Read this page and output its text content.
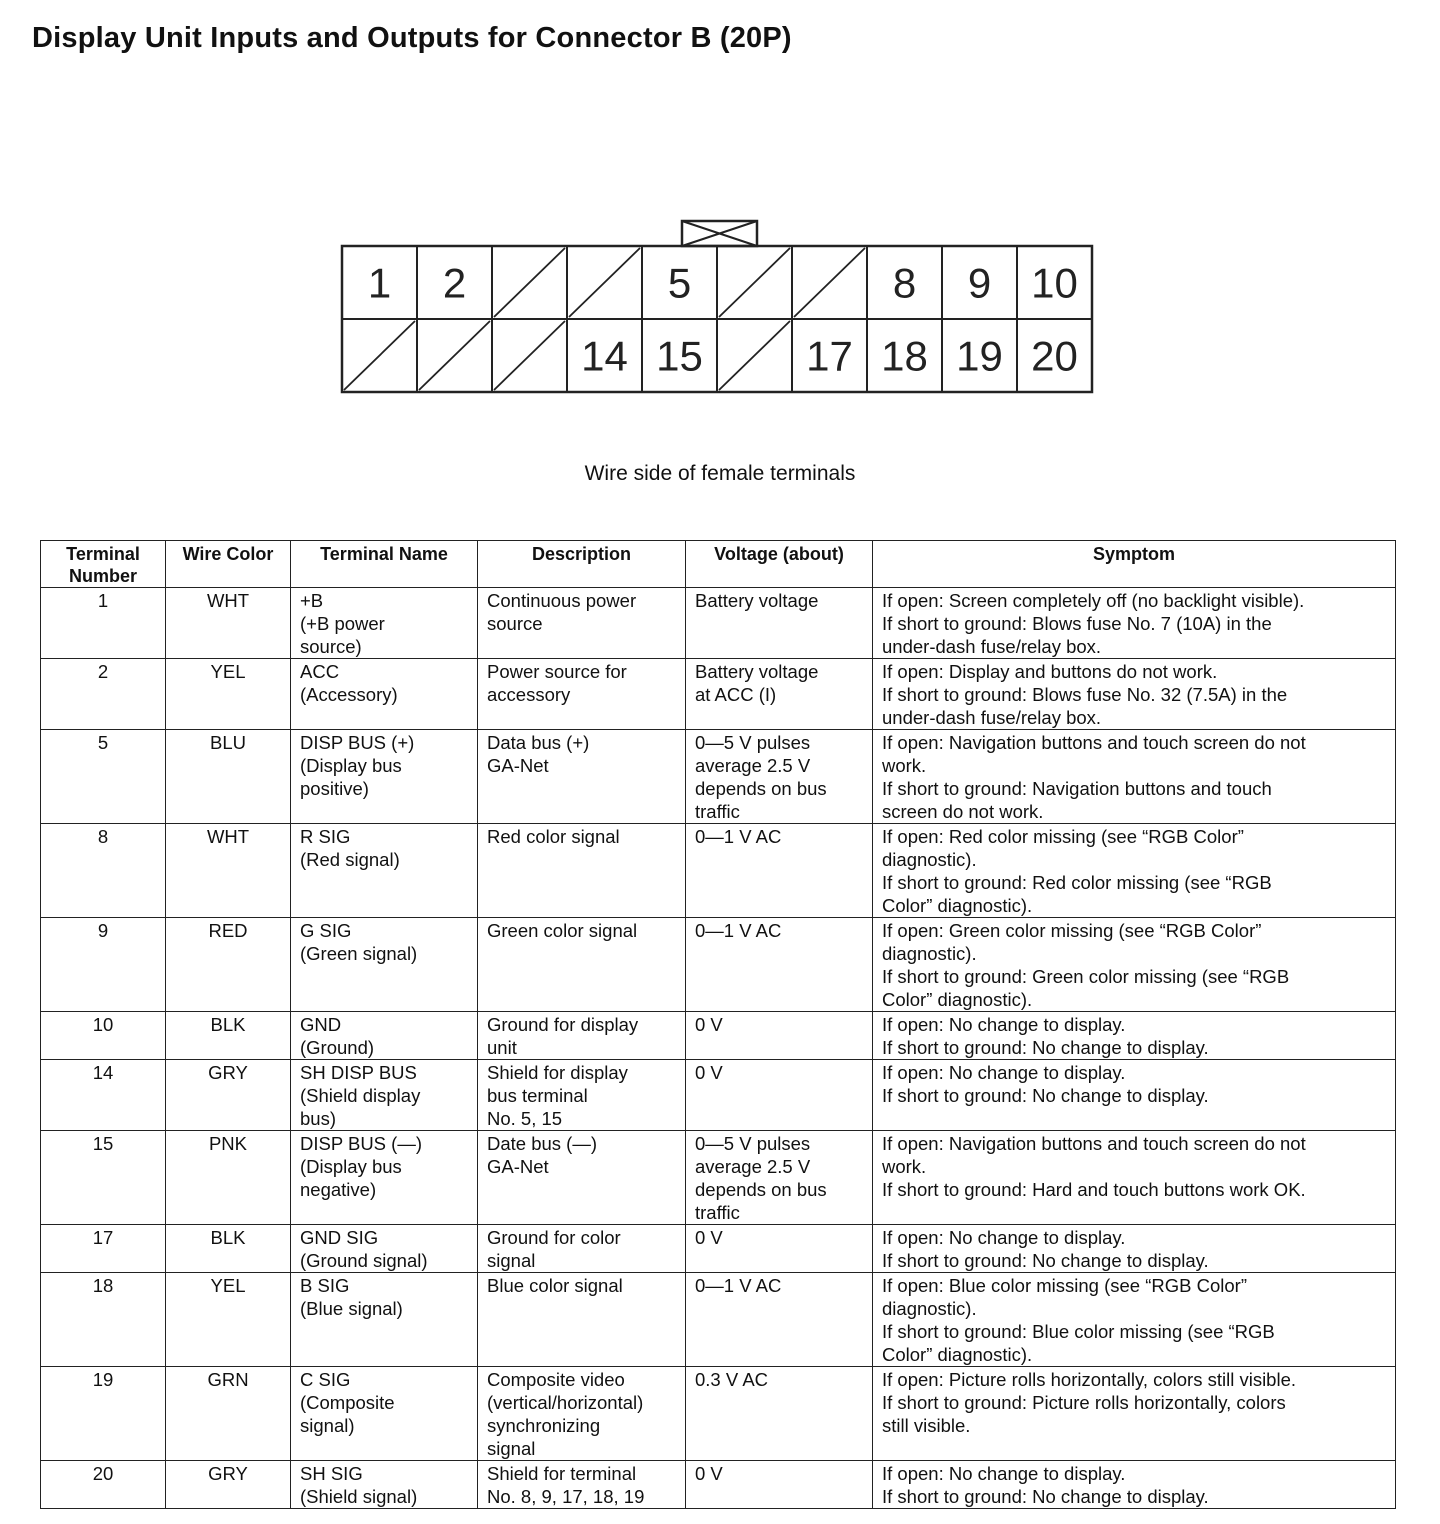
Display Unit Inputs and Outputs for Connector B (20P)
1 2	5	8 9 10
14 15 17 18 19 20
Wire side of female terminals
Terminal Number	Wire Color	Terminal Name	Description	Voltage (about)	Symptom
1	WHT	+B
(+B power
source)	Continuous power
source	Battery voltage	If open: Screen completely off (no backlight visible).
If short to ground: Blows fuse No. 7 (10A) in the
under-dash fuse/relay box.

2	YEL	ACC
(Accessory)	Power source for
accessory	Battery voltage
at ACC (I)	If open: Display and buttons do not work.
If short to ground: Blows fuse No. 32 (7.5A) in the
under-dash fuse/relay box.

5	BLU	DISP BUS (+)
(Display bus
positive)	Data bus (+)
GA-Net	0—5 V pulses
average 2.5 V
depends on bus
traffic	If open: Navigation buttons and touch screen do not
work.
If short to ground: Navigation buttons and touch
screen do not work.

8	WHT	R SIG
(Red signal)	Red color signal	0—1 V AC	If open: Red color missing (see “RGB Color”
diagnostic).
If short to ground: Red color missing (see “RGB
Color” diagnostic).

9	RED	G SIG
(Green signal)	Green color signal	0—1 V AC	If open: Green color missing (see “RGB Color”
diagnostic).
If short to ground: Green color missing (see “RGB
Color” diagnostic).

10	BLK	GND
(Ground)	Ground for display
unit	0 V	If open: No change to display.
If short to ground: No change to display.

14	GRY	SH DISP BUS
(Shield display
bus)	Shield for display
bus terminal
No. 5, 15	0 V	If open: No change to display.
If short to ground: No change to display.

15	PNK	DISP BUS (—)
(Display bus
negative)	Date bus (—)
GA-Net	0—5 V pulses
average 2.5 V
depends on bus
traffic	If open: Navigation buttons and touch screen do not
work.
If short to ground: Hard and touch buttons work OK.

17	BLK	GND SIG
(Ground signal)	Ground for color
signal	0 V	If open: No change to display.
If short to ground: No change to display.

18	YEL	B SIG
(Blue signal)	Blue color signal	0—1 V AC	If open: Blue color missing (see “RGB Color”
diagnostic).
If short to ground: Blue color missing (see “RGB
Color” diagnostic).

19	GRN	C SIG
(Composite
signal)	Composite video
(vertical/horizontal)
synchronizing
signal	0.3 V AC	If open: Picture rolls horizontally, colors still visible.
If short to ground: Picture rolls horizontally, colors
still visible.

20	GRY	SH SIG
(Shield signal)	Shield for terminal
No. 8, 9, 17, 18, 19	0 V	If open: No change to display.
If short to ground: No change to display.
